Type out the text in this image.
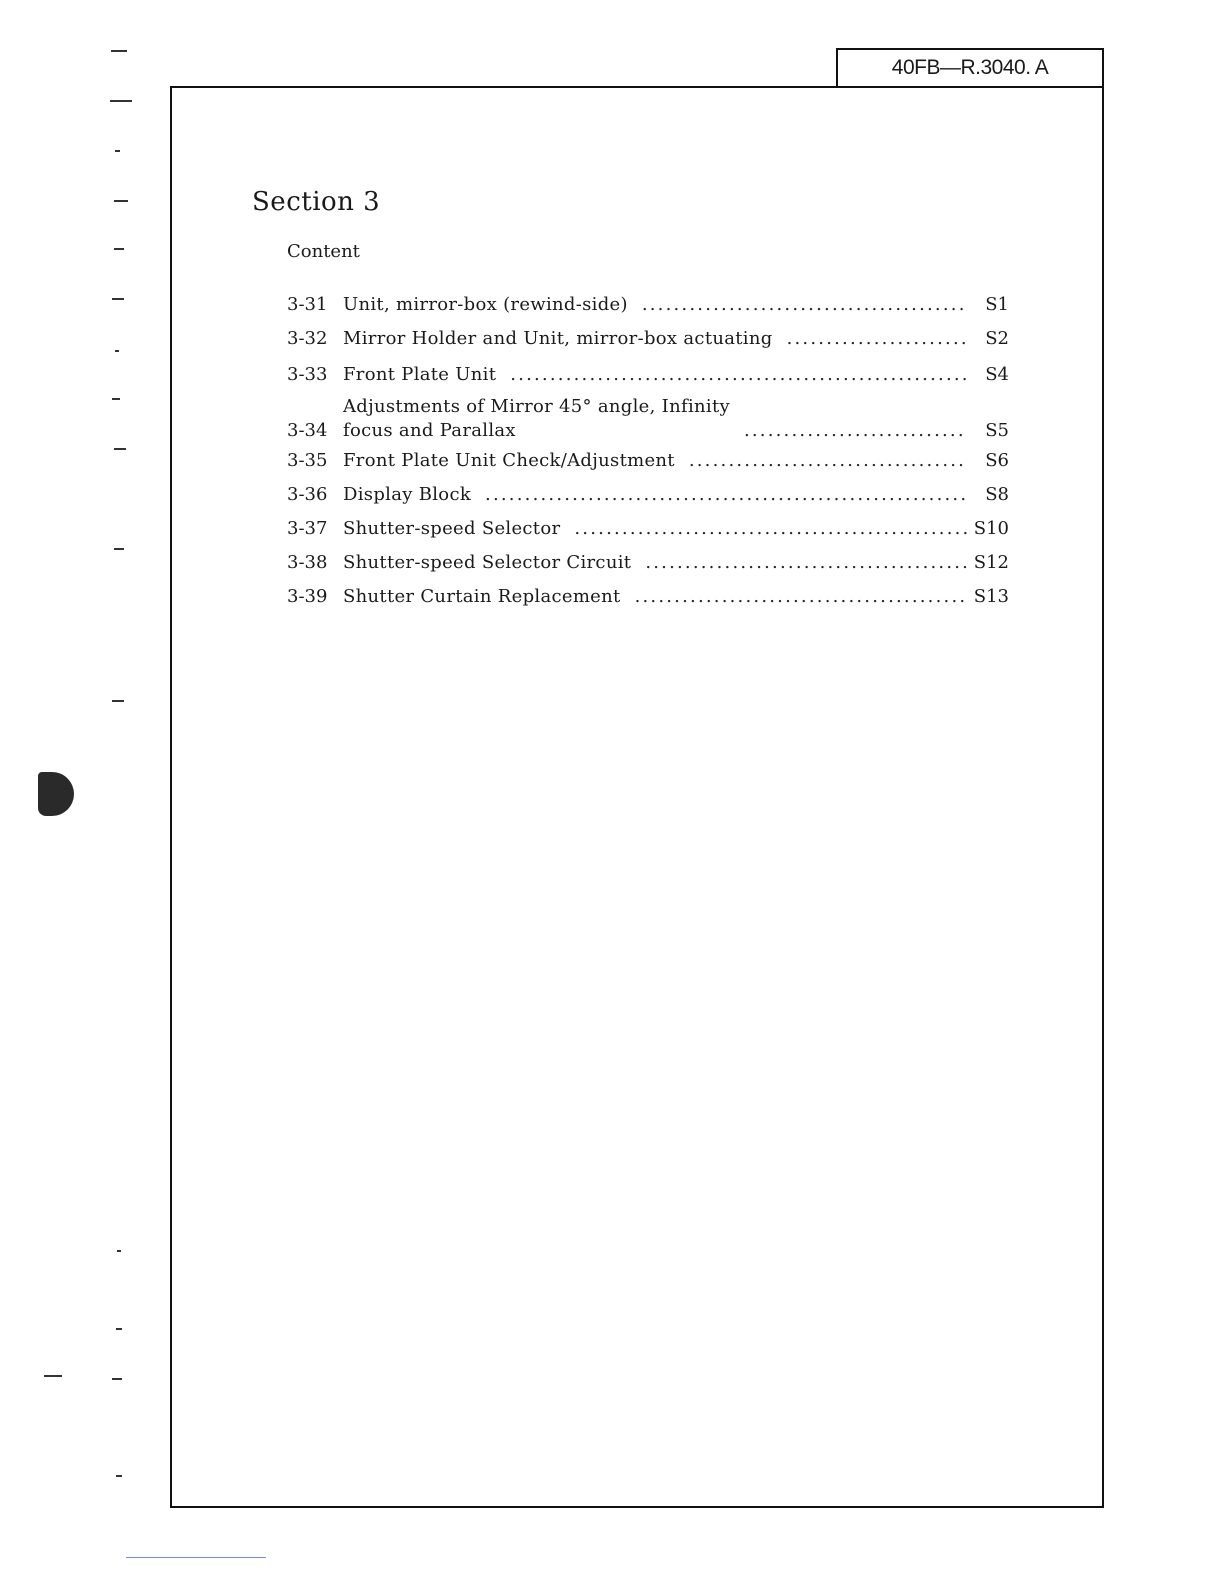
40FB—R.3040. A
Section 3
Content
3-31 Unit, mirror-box (rewind-side) .....	S1
3-32 Mirror Holder and Unit, mirror-box actuating .....	S2
3-33 Front Plate Unit .....	S4
3-34
Adjustments of Mirror 45° angle, Infinity
focus and Parallax .....	S5
3-35 Front Plate Unit Check/Adjustment .....	S6
3-36 Display Block .....	S8
3-37 Shutter-speed Selector .....	S10
3-38 Shutter-speed Selector Circuit .....	S12
3-39 Shutter Curtain Replacement .....	S13
